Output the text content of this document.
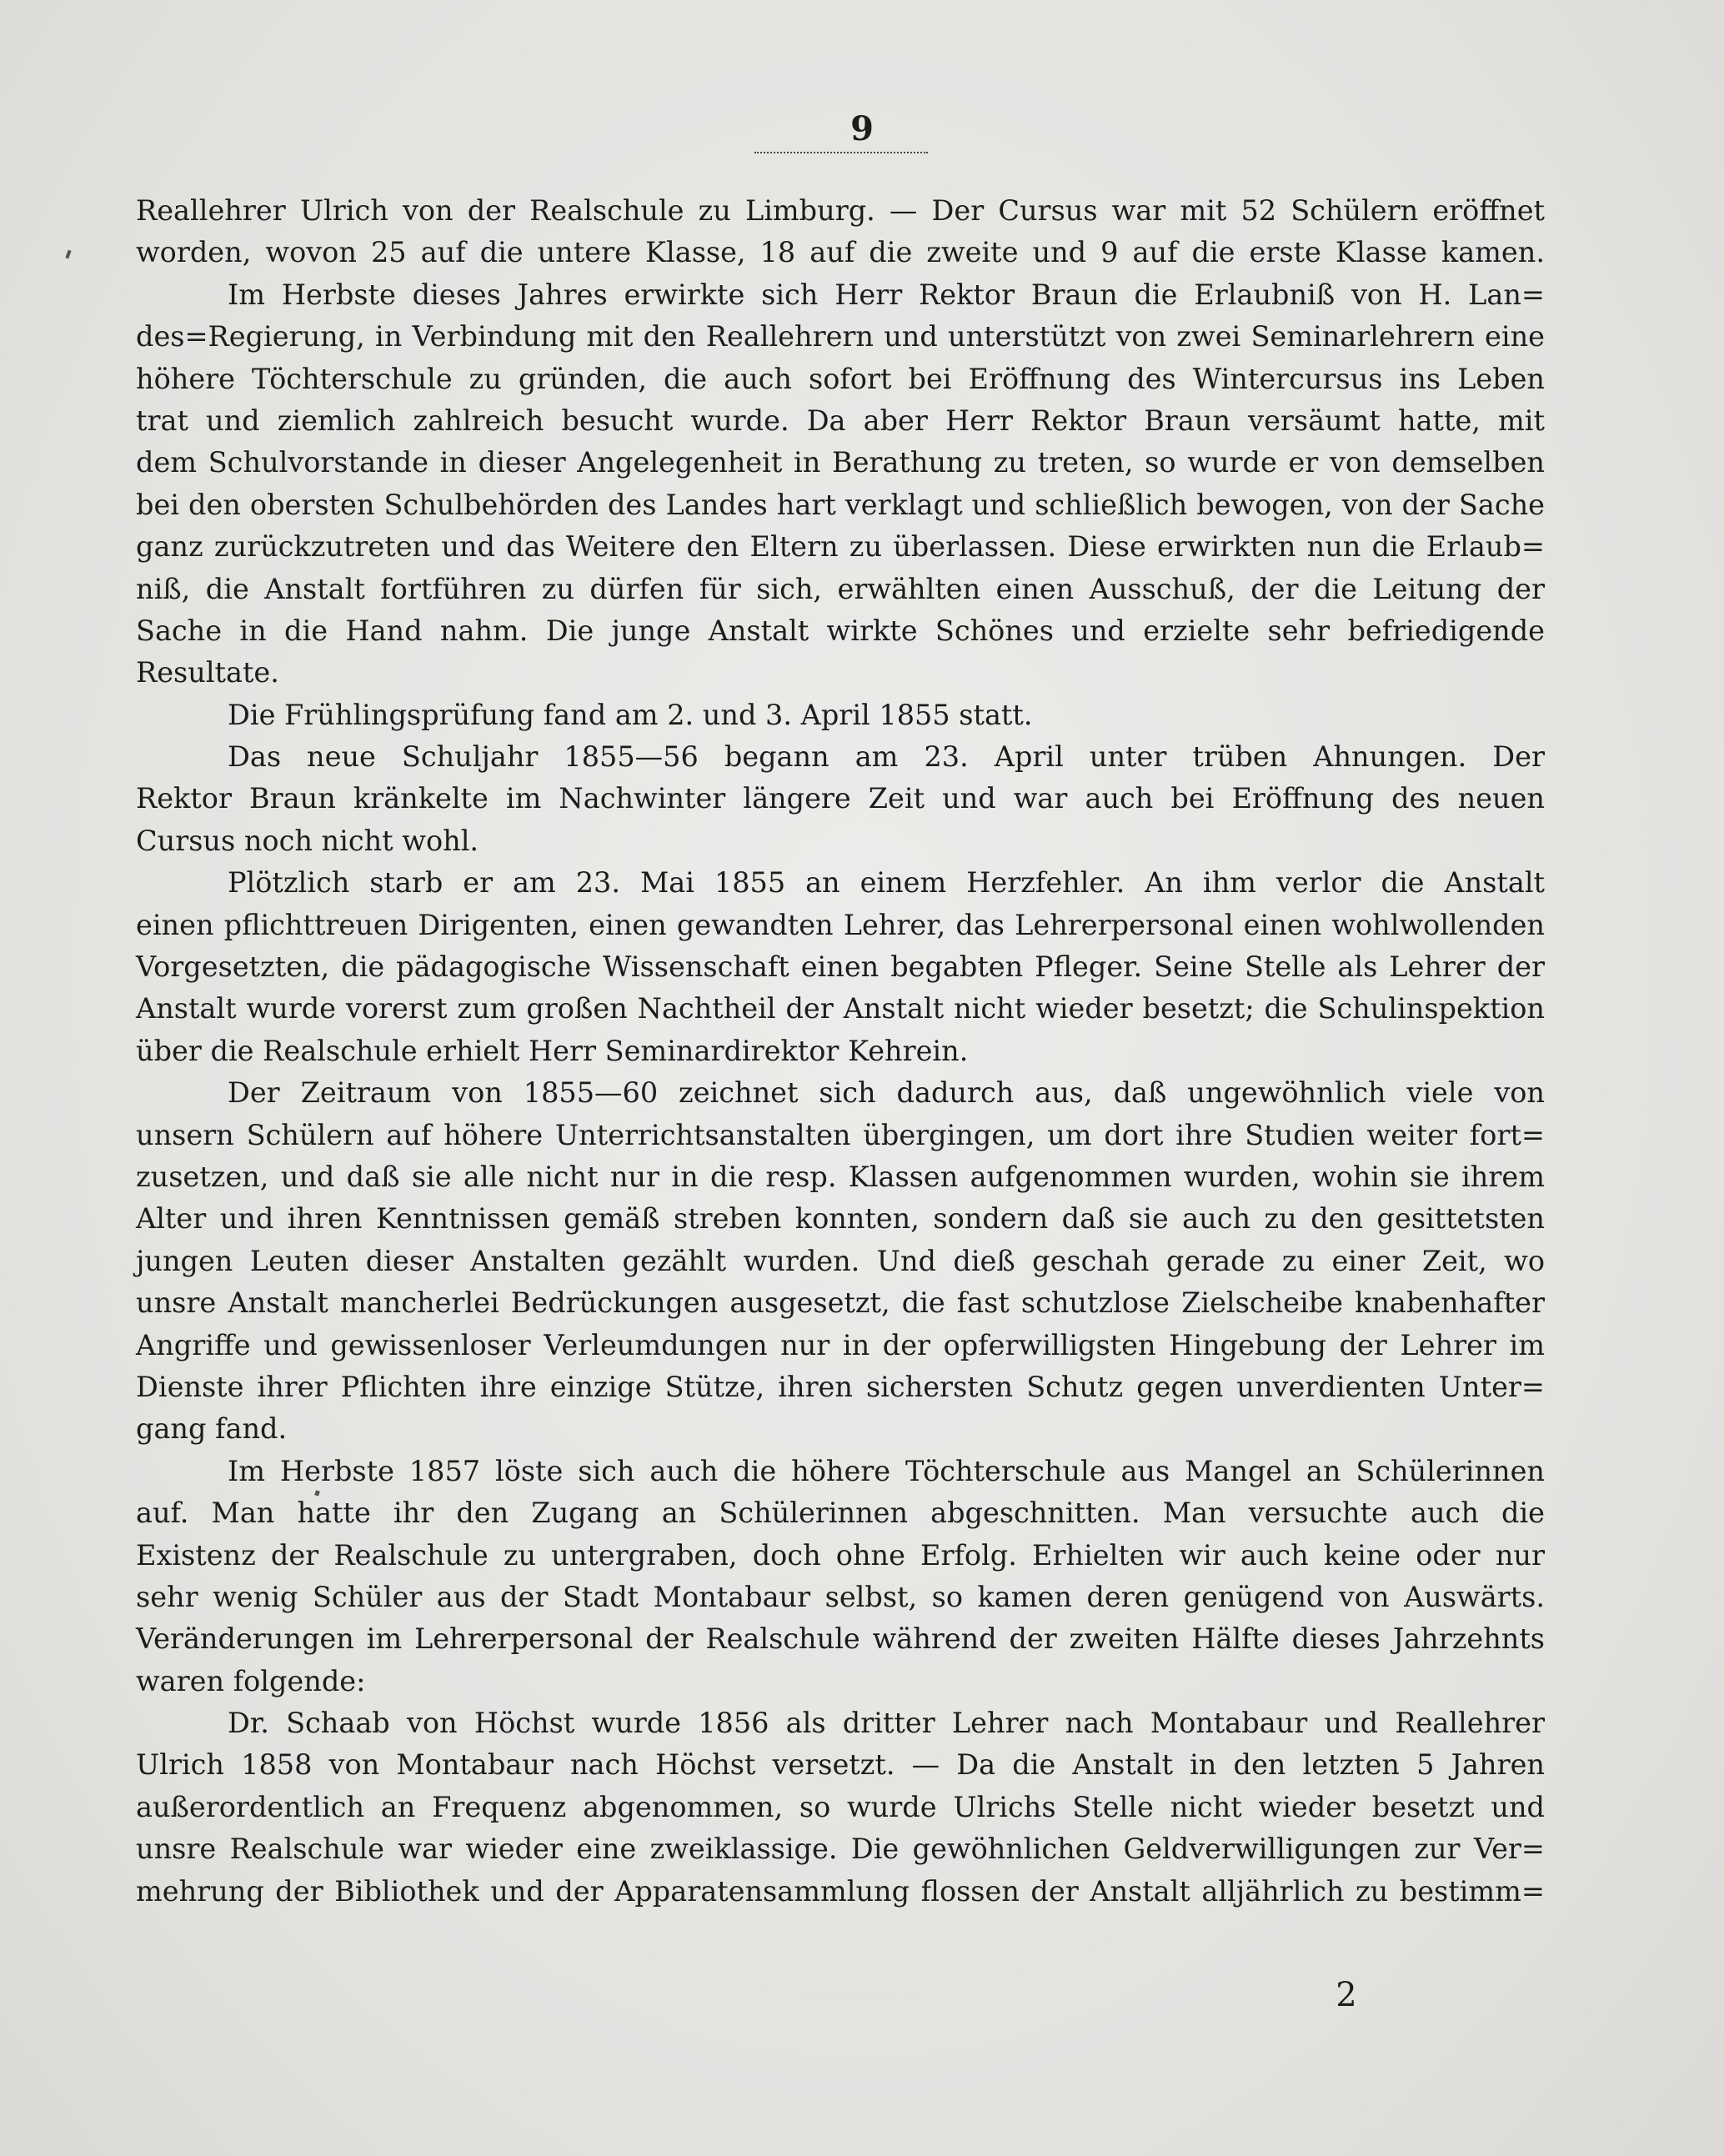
9
Reallehrer Ulrich von der Realschule zu Limburg. — Der Cursus war mit 52 Schülern eröffnet
worden, wovon 25 auf die untere Klasse, 18 auf die zweite und 9 auf die erste Klasse kamen.
Im Herbste dieses Jahres erwirkte sich Herr Rektor Braun die Erlaubniß von H. Lan=
des=Regierung, in Verbindung mit den Reallehrern und unterstützt von zwei Seminarlehrern eine
höhere Töchterschule zu gründen, die auch sofort bei Eröffnung des Wintercursus ins Leben
trat und ziemlich zahlreich besucht wurde. Da aber Herr Rektor Braun versäumt hatte, mit
dem Schulvorstande in dieser Angelegenheit in Berathung zu treten, so wurde er von demselben
bei den obersten Schulbehörden des Landes hart verklagt und schließlich bewogen, von der Sache
ganz zurückzutreten und das Weitere den Eltern zu überlassen. Diese erwirkten nun die Erlaub=
niß, die Anstalt fortführen zu dürfen für sich, erwählten einen Ausschuß, der die Leitung der
Sache in die Hand nahm. Die junge Anstalt wirkte Schönes und erzielte sehr befriedigende
Resultate.
Die Frühlingsprüfung fand am 2. und 3. April 1855 statt.
Das neue Schuljahr 1855—56 begann am 23. April unter trüben Ahnungen. Der
Rektor Braun kränkelte im Nachwinter längere Zeit und war auch bei Eröffnung des neuen
Cursus noch nicht wohl.
Plötzlich starb er am 23. Mai 1855 an einem Herzfehler. An ihm verlor die Anstalt
einen pflichttreuen Dirigenten, einen gewandten Lehrer, das Lehrerpersonal einen wohlwollenden
Vorgesetzten, die pädagogische Wissenschaft einen begabten Pfleger. Seine Stelle als Lehrer der
Anstalt wurde vorerst zum großen Nachtheil der Anstalt nicht wieder besetzt; die Schulinspektion
über die Realschule erhielt Herr Seminardirektor Kehrein.
Der Zeitraum von 1855—60 zeichnet sich dadurch aus, daß ungewöhnlich viele von
unsern Schülern auf höhere Unterrichtsanstalten übergingen, um dort ihre Studien weiter fort=
zusetzen, und daß sie alle nicht nur in die resp. Klassen aufgenommen wurden, wohin sie ihrem
Alter und ihren Kenntnissen gemäß streben konnten, sondern daß sie auch zu den gesittetsten
jungen Leuten dieser Anstalten gezählt wurden. Und dieß geschah gerade zu einer Zeit, wo
unsre Anstalt mancherlei Bedrückungen ausgesetzt, die fast schutzlose Zielscheibe knabenhafter
Angriffe und gewissenloser Verleumdungen nur in der opferwilligsten Hingebung der Lehrer im
Dienste ihrer Pflichten ihre einzige Stütze, ihren sichersten Schutz gegen unverdienten Unter=
gang fand.
Im Herbste 1857 löste sich auch die höhere Töchterschule aus Mangel an Schülerinnen
auf. Man hatte ihr den Zugang an Schülerinnen abgeschnitten. Man versuchte auch die
Existenz der Realschule zu untergraben, doch ohne Erfolg. Erhielten wir auch keine oder nur
sehr wenig Schüler aus der Stadt Montabaur selbst, so kamen deren genügend von Auswärts.
Veränderungen im Lehrerpersonal der Realschule während der zweiten Hälfte dieses Jahrzehnts
waren folgende:
Dr. Schaab von Höchst wurde 1856 als dritter Lehrer nach Montabaur und Reallehrer
Ulrich 1858 von Montabaur nach Höchst versetzt. — Da die Anstalt in den letzten 5 Jahren
außerordentlich an Frequenz abgenommen, so wurde Ulrichs Stelle nicht wieder besetzt und
unsre Realschule war wieder eine zweiklassige. Die gewöhnlichen Geldverwilligungen zur Ver=
mehrung der Bibliothek und der Apparatensammlung flossen der Anstalt alljährlich zu bestimm=
2
